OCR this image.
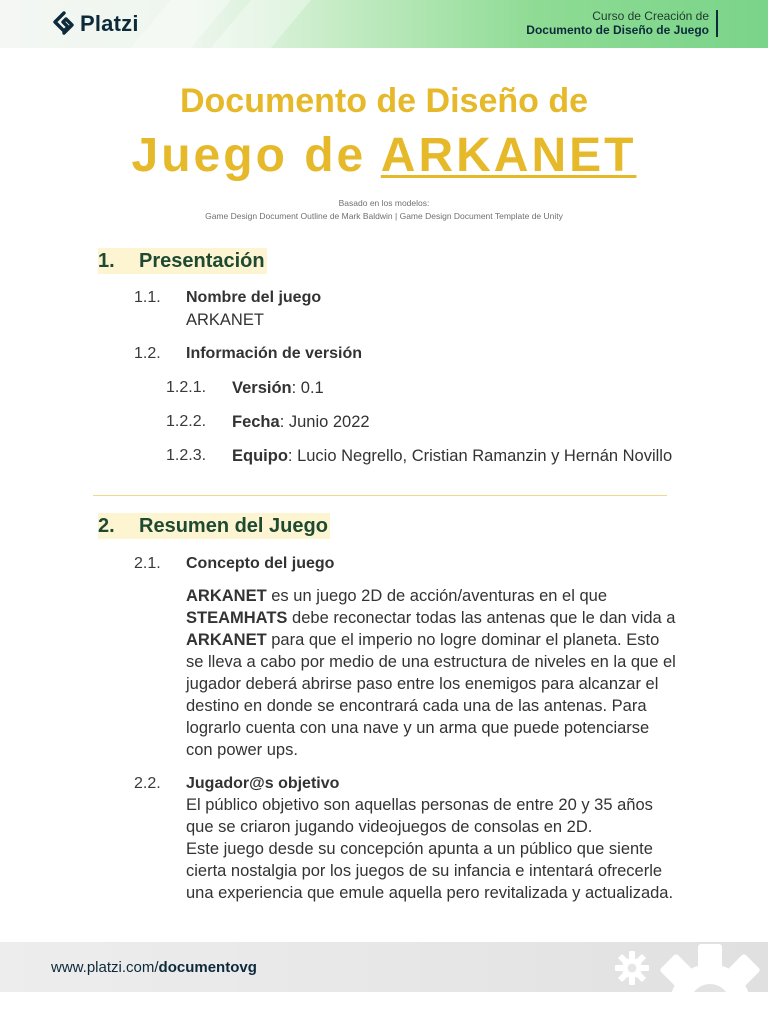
Platzi	Curso de Creación de
Documento de Diseño de Juego
Documento de Diseño de
Juego de ARKANET
Basado en los modelos:
Game Design Document Outline de Mark Baldwin | Game Design Document Template de Unity
1.	Presentación
1.1. Nombre del juego
ARKANET
1.2. Información de versión
1.2.1. Versión: 0.1
1.2.2. Fecha: Junio 2022
1.2.3. Equipo: Lucio Negrello, Cristian Ramanzin y Hernán Novillo
2.	Resumen del Juego
2.1. Concepto del juego
ARKANET es un juego 2D de acción/aventuras en el que STEAMHATS debe reconectar todas las antenas que le dan vida a ARKANET para que el imperio no logre dominar el planeta. Esto se lleva a cabo por medio de una estructura de niveles en la que el jugador deberá abrirse paso entre los enemigos para alcanzar el destino en donde se encontrará cada una de las antenas. Para lograrlo cuenta con una nave y un arma que puede potenciarse con power ups.
2.2. Jugador@s objetivo
El público objetivo son aquellas personas de entre 20 y 35 años que se criaron jugando videojuegos de consolas en 2D.
Este juego desde su concepción apunta a un público que siente cierta nostalgia por los juegos de su infancia e intentará ofrecerle una experiencia que emule aquella pero revitalizada y actualizada.
www.platzi.com/documentovg
